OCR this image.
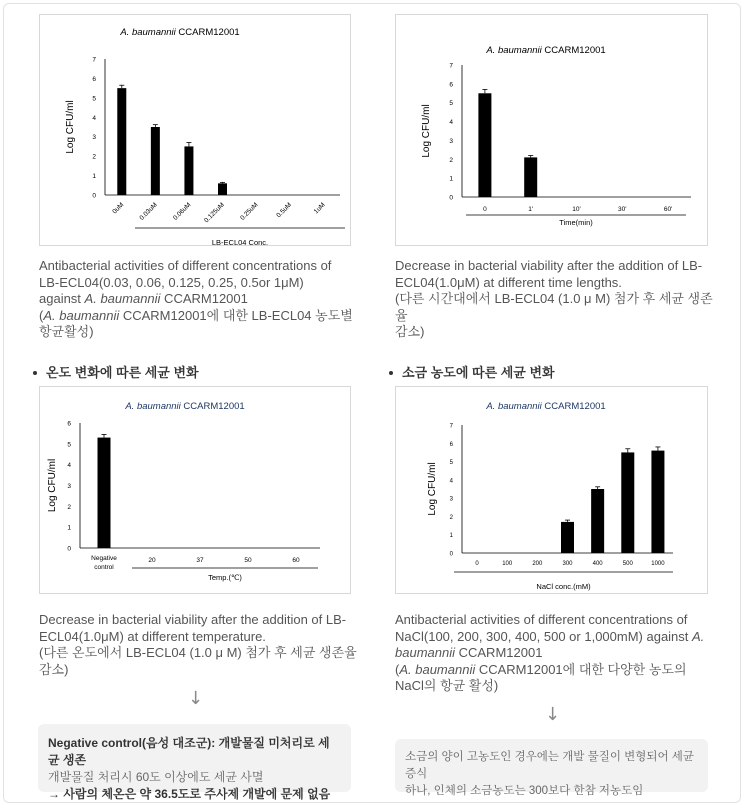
A. baumannii CCARM12001
Log CFU/ml
0
1
2
3
4
5
6
7
0uM 0.03uM 0.06uM 0.125uM 0.25uM 0.5uM	1uM
LB-ECL04 Conc.
A. baumannii CCARM12001
Log CFU/ml
0
1
2
3
4
5
6
7
0	1'	10'	30'	60'
Time(min)
A. baumannii CCARM12001
Log CFU/ml
0
1
2
3
4
5
6
Negative control
20	37	50	60
Temp.(℃)
A. baumannii CCARM12001
Log CFU/ml
0
1
2
3
4
5
6
7
0	100	200	300	400	500	1000
NaCl conc.(mM)
Antibacterial activities of different concentrations of
LB-ECL04(0.03, 0.06, 0.125, 0.25, 0.5or 1μM)
against A. baumannii CCARM12001
(A. baumannii CCARM12001에 대한 LB-ECL04 농도별
항균활성)
Decrease in bacterial viability after the addition of LB-
ECL04(1.0μM) at different time lengths.
(다른 시간대에서 LB-ECL04 (1.0 μ M) 첨가 후 세균 생존율
감소)
온도 변화에 따른 세균 변화	소금 농도에 따른 세균 변화
Decrease in bacterial viability after the addition of LB-
ECL04(1.0μM) at different temperature.
(다른 온도에서 LB-ECL04 (1.0 μ M) 첨가 후 세균 생존율
감소)
Antibacterial activities of different concentrations of
NaCl(100, 200, 300, 400, 500 or 1,000mM) against A.
baumannii CCARM12001
(A. baumannii CCARM12001에 대한 다양한 농도의
NaCl의 항균 활성)
↓
↓
Negative control(음성 대조군): 개발물질 미처리로 세균 생존
개발물질 처리시 60도 이상에도 세균 사멸
→ 사람의 체온은 약 36.5도로 주사제 개발에 문제 없음
소금의 양이 고농도인 경우에는 개발 물질이 변형되어 세균 증식
하나, 인체의 소금농도는 300보다 한참 저농도임
